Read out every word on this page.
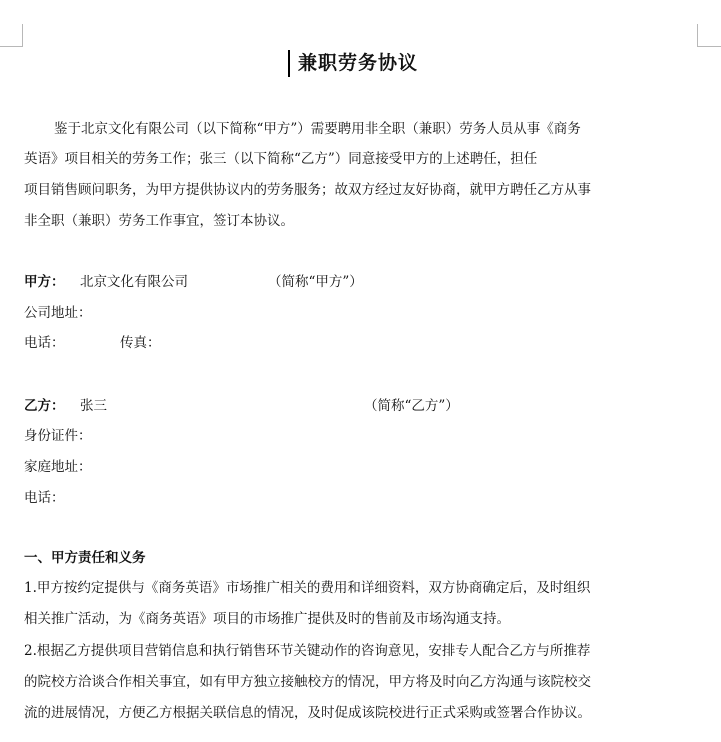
兼职劳务协议
鉴于北京文化有限公司（以下简称“甲方”）需要聘用非全职（兼职）劳务人员从事《商务
英语》项目相关的劳务工作；张三（以下简称“乙方”）同意接受甲方的上述聘任，担任
项目销售顾问职务，为甲方提供协议内的劳务服务；故双方经过友好协商，就甲方聘任乙方从事
非全职（兼职）劳务工作事宜，签订本协议。
甲方： 北京文化有限公司	（简称“甲方”）
公司地址：
电话：	传真：
乙方： 张三	（简称“乙方”）
身份证件：
家庭地址：
电话：
一、甲方责任和义务
1.甲方按约定提供与《商务英语》市场推广相关的费用和详细资料，双方协商确定后，及时组织
相关推广活动，为《商务英语》项目的市场推广提供及时的售前及市场沟通支持。
2.根据乙方提供项目营销信息和执行销售环节关键动作的咨询意见，安排专人配合乙方与所推荐
的院校方洽谈合作相关事宜，如有甲方独立接触校方的情况，甲方将及时向乙方沟通与该院校交
流的进展情况，方便乙方根据关联信息的情况，及时促成该院校进行正式采购或签署合作协议。
